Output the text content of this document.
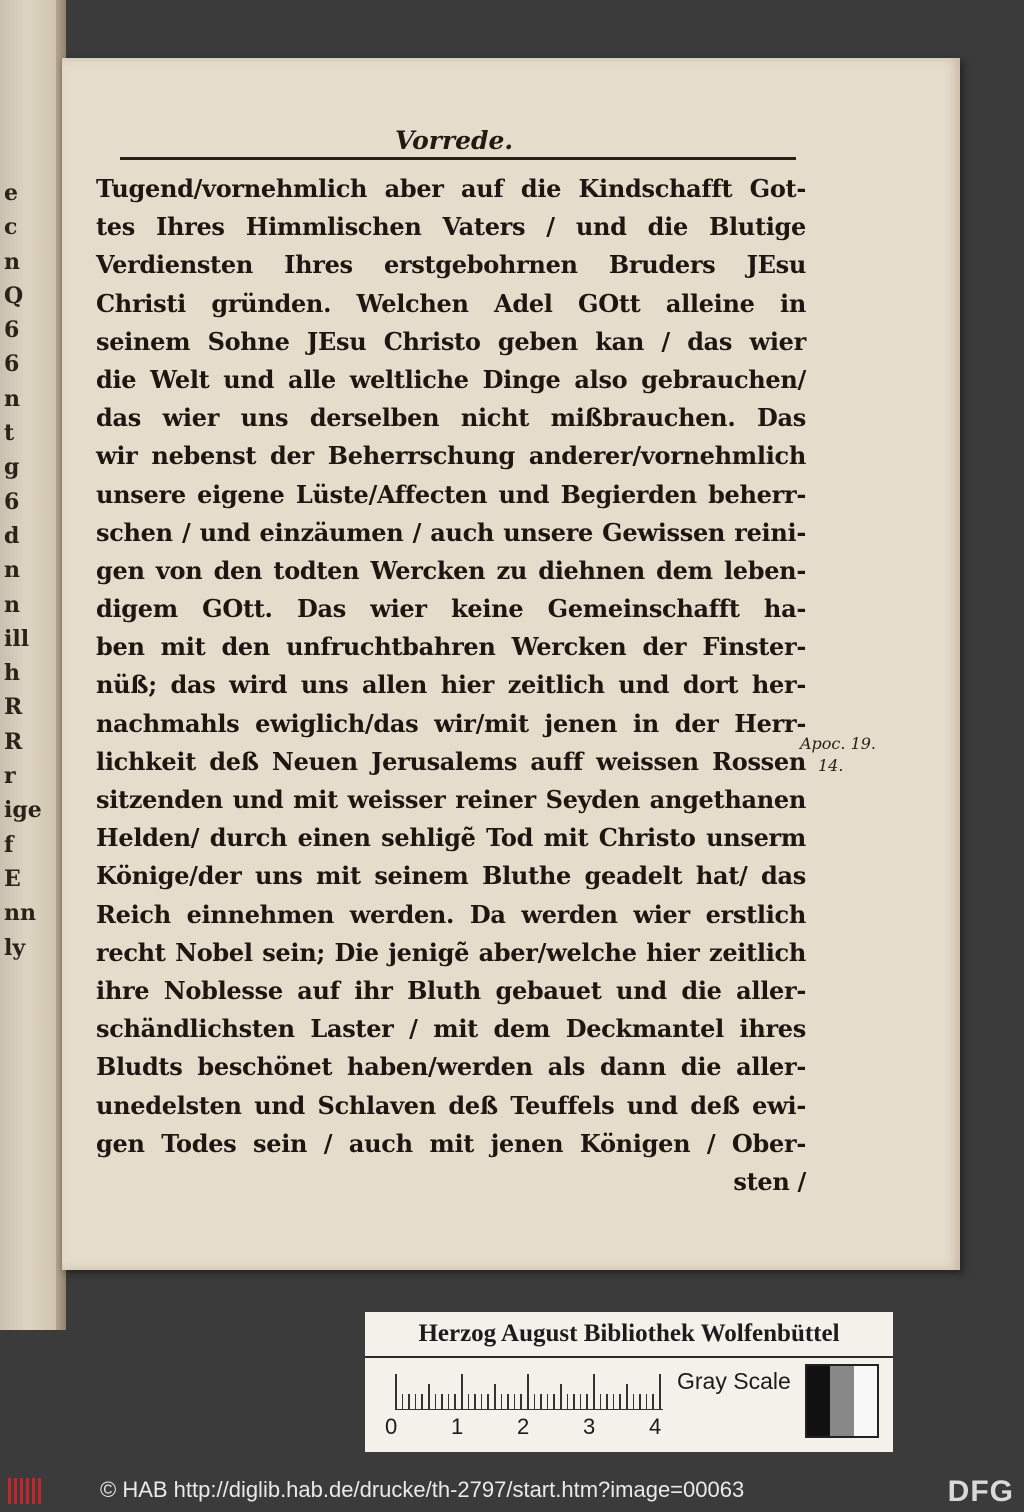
e
c
n
Q
6
6
n
t
g
6
d
n
n
ill
h
R
R
r
ige
f
E
nn
ly
Vorrede.
Tugend/vornehmlich aber auf die Kindschafft Got-
tes Ihres Himmlischen Vaters / und die Blutige
Verdiensten Ihres erstgebohrnen Bruders JEsu
Christi gründen. Welchen Adel GOtt alleine in
seinem Sohne JEsu Christo geben kan / das wier
die Welt und alle weltliche Dinge also gebrauchen/
das wier uns derselben nicht mißbrauchen. Das
wir nebenst der Beherrschung anderer/vornehmlich
unsere eigene Lüste/Affecten und Begierden beherr-
schen / und einzäumen / auch unsere Gewissen reini-
gen von den todten Wercken zu diehnen dem leben-
digem GOtt. Das wier keine Gemeinschafft ha-
ben mit den unfruchtbahren Wercken der Finster-
nüß; das wird uns allen hier zeitlich und dort her-
nachmahls ewiglich/das wir/mit jenen in der Herr-
lichkeit deß Neuen Jerusalems auff weissen Rossen
sitzenden und mit weisser reiner Seyden angethanen
Helden/ durch einen sehligẽ Tod mit Christo unserm
Könige/der uns mit seinem Bluthe geadelt hat/ das
Reich einnehmen werden. Da werden wier erstlich
recht Nobel sein; Die jenigẽ aber/welche hier zeitlich
ihre Noblesse auf ihr Bluth gebauet und die aller-
schändlichsten Laster / mit dem Deckmantel ihres
Bludts beschönet haben/werden als dann die aller-
unedelsten und Schlaven deß Teuffels und deß ewi-
gen Todes sein / auch mit jenen Königen / Ober-
sten /
Apoc. 19.
14.
Herzog August Bibliothek Wolfenbüttel
0 1 2 3 4
Gray Scale
© HAB http://diglib.hab.de/drucke/th-2797/start.htm?image=00063	DFG
